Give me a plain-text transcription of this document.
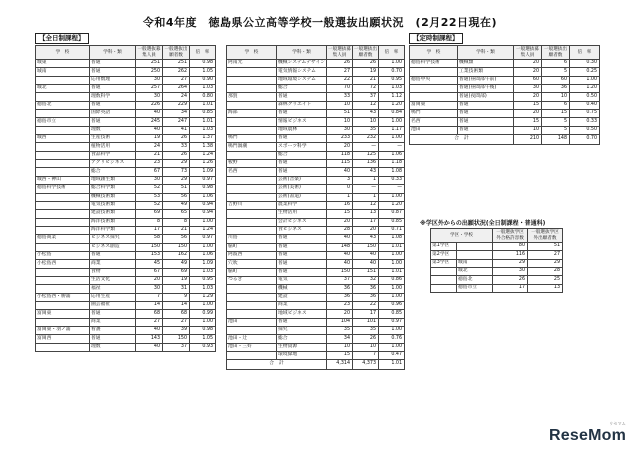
令和4年度　徳島県公立高等学校一般選抜出願状況　(2月22日現在)
【全日制課程】	【定時制課程】
学　校	学科・類	一般選抜募集人員	一般選抜出願者数	倍　率
城東	普通	251	251	0.98
城南	普通	250	262	1.05
	応用数理	30	27	0.90
城北	普通	257	264	1.03
	理数科学	30	24	0.80
徳島北	普通	226	229	1.01
	国際英語	40	34	0.85
徳島市立	普通	245	247	1.01
	理数	40	41	1.03
城西	生産技術	19	26	1.37
	植物活用	24	33	1.38
	食品科学	21	26	1.24
	アグリビジネス	23	29	1.26
	総合	67	73	1.09
城西・神山	地域創生類	30	29	0.97
徳島科学技術	総合科学類	52	51	0.98
	機械技術類	53	56	1.06
	電気技術類	52	49	0.94
	建設技術類	69	65	0.94
	海洋技術類	8	8	1.00
	海洋科学類	17	21	1.24
徳島商業	ビジネス探究	58	56	0.97
	ビジネス創造	150	150	1.00
小松島	普通	153	162	1.06
小松島西	商業	45	49	1.09
	食物	67	69	1.03
	生活文化	20	19	0.95
	福祉	30	31	1.03
小松島西・勝浦	応用生産	7	9	1.29
	園芸福祉	14	14	1.00
富岡東	普通	68	68	0.99
	商業	27	27	1.00
富岡東・羽ノ浦	看護	40	39	0.98
富岡西	普通	143	150	1.05
	理数	40	37	0.93
学　校	学科・類	一般選抜募集人員	一般選抜出願者数	倍　率
阿南光	機械システムデザイン	26	26	1.00
	電気情報システム	27	19	0.70
	地域環境システム	22	21	0.95
	総合	70	72	1.03
那賀	普通	33	37	1.12
	森林クリエイト	10	12	1.20
海部	普通	51	43	0.84
	情報ビジネス	10	10	1.00
	地域農林	30	35	1.17
鳴門	普通	233	232	1.00
鳴門渦潮	スポーツ科学	20	—	—
	総合	118	125	1.06
板野	普通	115	136	1.18
名西	普通	40	43	1.08
	芸術(音楽)	3	1	0.33
	芸術(美術)	0	—	—
	芸術(書道)	1	1	1.00
吉野川	農業科学	16	12	1.20
	生物活用	15	13	0.87
	会計ビジネス	20	17	0.85
	食ビジネス	28	20	0.71
川島	普通	40	43	1.08
脇町	普通	148	150	1.01
阿波西	普通	40	40	1.00
穴吹	普通	40	40	1.00
脇町	普通	150	151	1.01
つるぎ	電気	37	32	0.86
	機械	36	36	1.00
	建設	36	36	1.00
	商業	23	22	0.96
	地域ビジネス	20	17	0.85
池田	普通	104	101	0.97
	探究	35	35	1.00
池田・辻	総合	34	26	0.76
池田・三好	生物資源	10	10	1.00
	環境緑地	15	7	0.47
合　計		4,314	4,373	1.01
学　校	学科・類	一般選抜募集人員	一般選抜出願者数	倍　率
徳島科学技術	機械類	20	6	0.30
	工業技術類	20	5	0.25
徳島中央	普通(昼間部午前)	60	60	1.00
	普通(昼間部午後)	30	36	1.20
	普通(夜間部)	20	10	0.50
富岡東	普通	15	6	0.40
鳴門	普通	20	15	0.75
名西	普通	15	5	0.33
池田	普通	10	5	0.50
合　計		210	148	0.70
※学区外からの出願状況(全日制課程・普通科)
学区・学校		一般選抜学区外合格許容数	一般選抜学区外出願者数
第1学区		80	51
第2学区		116	27
第3学区	城南	29	29
	城北	30	28
	徳島北	26	25
	徳島市立	17	13
リセマム
ReseMom
